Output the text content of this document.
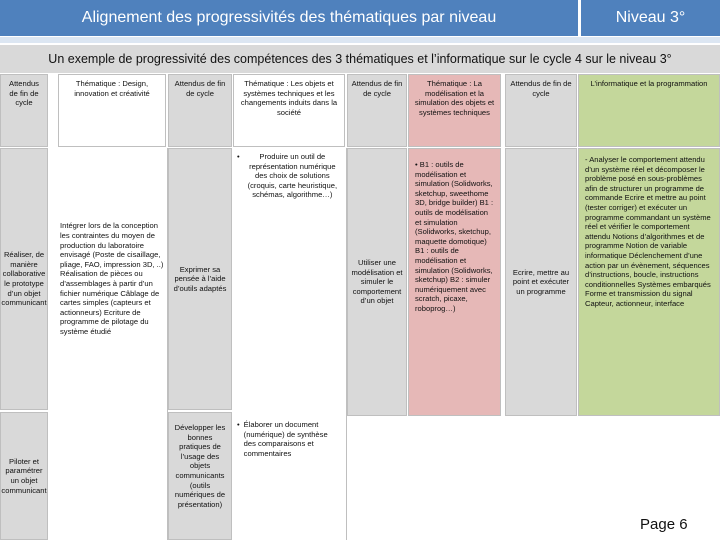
Alignement des progressivités des thématiques par niveau	Niveau 3°
Un exemple de progressivité des compétences des 3 thématiques et l’informatique sur le cycle 4 sur le niveau 3°
Attendus de fin de cycle
Thématique : Design, innovation et créativité
Attendus de fin de cycle
Thématique : Les objets et systèmes techniques et les changements induits dans la société
Attendus de fin de cycle
Thématique : La modélisation et la simulation des objets et systèmes techniques
Attendus de fin de cycle
L’informatique et la programmation
Réaliser, de manière collaborative le prototype d’un objet communicant
Intégrer lors de la conception les contraintes du moyen de production du laboratoire envisagé (Poste de cisaillage, pliage, FAO, impression 3D, ..) Réalisation de pièces ou d’assemblages à partir d’un fichier numérique Câblage de cartes simples (capteurs et actionneurs) Ecriture de programme de pilotage du système étudié
Exprimer sa pensée à l’aide d’outils adaptés
•	Produire un outil de représentation numérique des choix de solutions (croquis, carte heuristique, schémas, algorithme…)
Utiliser une modélisation et simuler le comportement d’un objet
• B1 : outils de modélisation et simulation (Solidworks, sketchup, sweethome 3D, bridge builder) B1 : outils de modélisation et simulation (Solidworks, sketchup, maquette domotique) B1 : outils de modélisation et simulation (Solidworks, sketchup) B2 : simuler numériquement avec scratch, picaxe, roboprog…)
Ecrire, mettre au point et exécuter un programme
- Analyser le comportement attendu d’un système réel et décomposer le problème posé en sous-problèmes afin de structurer un programme de commande Ecrire et mettre au point (tester corriger) et exécuter un programme commandant un système réel et vérifier le comportement attendu Notions d’algorithmes et de programme Notion de variable informatique Déclenchement d’une action par un évènement, séquences d’instructions, boucle, instructions conditionnelles Systèmes embarqués Forme et transmission du signal Capteur, actionneur, interface
Piloter et paramétrer un objet communicant
Développer les bonnes pratiques de l’usage des objets communicants (outils numériques de présentation)
• Élaborer un document (numérique) de synthèse des comparaisons et commentaires
Page 6
